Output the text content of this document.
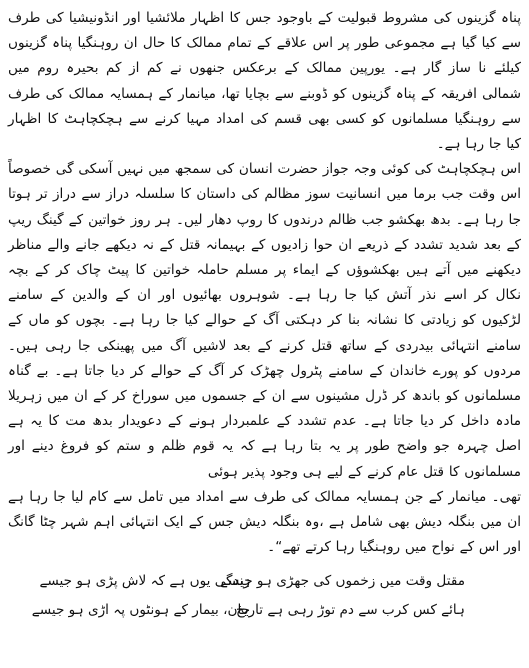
پناہ گزینوں کی مشروط قبولیت کے باوجود جس کا اظہار ملائشیا اور انڈونیشیا کی طرف سے کیا گیا ہے مجموعی طور پر اس علاقے کے تمام ممالک کا حال ان روہنگیا پناہ گزینوں کیلئے نا ساز گار ہے۔ یورپین ممالک کے برعکس جنھوں نے کم از کم بحیرہ روم میں شمالی افریقہ کے پناہ گزینوں کو ڈوبنے سے بچایا تھا، میانمار کے ہمسایہ ممالک کی طرف سے روہنگیا مسلمانوں کو کسی بھی قسم کی امداد مہیا کرنے سے ہچکچاہٹ کا اظہار کیا جا رہا ہے۔

اس ہچکچاہٹ کی کوئی وجہ جواز حضرت انسان کی سمجھ میں نہیں آسکی گی خصوصاً اس وقت جب برما میں انسانیت سوز مظالم کی داستان کا سلسلہ دراز سے دراز تر ہوتا جا رہا ہے۔ بدھ بھکشو جب ظالم درندوں کا روپ دھار لیں۔ ہر روز خواتین کے گینگ ریپ کے بعد شدید تشدد کے ذریعے ان حوا زادیوں کے بہیمانہ قتل کے نہ دیکھے جانے والے مناظر دیکھنے میں آتے ہیں بھکشوؤں کے ایماء پر مسلم حاملہ خواتین کا پیٹ چاک کر کے بچہ نکال کر اسے نذر آتش کیا جا رہا ہے۔ شوہروں بھائیوں اور ان کے والدین کے سامنے لڑکیوں کو زیادتی کا نشانہ بنا کر دہکتی آگ کے حوالے کیا جا رہا ہے۔ بچوں کو ماں کے سامنے انتہائی بیدردی کے ساتھ قتل کرنے کے بعد لاشیں آگ میں پھینکی جا رہی ہیں۔ مردوں کو پورے خاندان کے سامنے پٹرول چھڑک کر آگ کے حوالے کر دیا جاتا ہے۔ بے گناہ مسلمانوں کو باندھ کر ڈرل مشینوں سے ان کے جسموں میں سوراخ کر کے ان میں زہریلا مادہ داخل کر دیا جاتا ہے۔ عدم تشدد کے علمبردار ہونے کے دعویدار بدھ مت کا یہ ہے اصل چہرہ جو واضح طور پر یہ بتا رہا ہے کہ یہ قوم ظلم و ستم کو فروغ دینے اور مسلمانوں کا قتل عام کرنے کے لیے ہی وجود پذیر ہوئی

تھی۔ میانمار کے جن ہمسایہ ممالک کی طرف سے امداد میں تامل سے کام لیا جا رہا ہے ان میں بنگلہ دیش بھی شامل ہے ،وہ بنگلہ دیش جس کے ایک انتہائی اہم شہر چٹا گانگ اور اس کے نواح میں روہنگیا رہا کرتے تھے“۔

مقتل وقت میں زخموں کی جھڑی ہو جیسے
زندگی یوں ہے کہ لاش پڑی ہو جیسے
ہائے کس کرب سے دم توڑ رہی ہے تاریخ
جان، بیمار کے ہونٹوں پہ اڑی ہو جیسے
